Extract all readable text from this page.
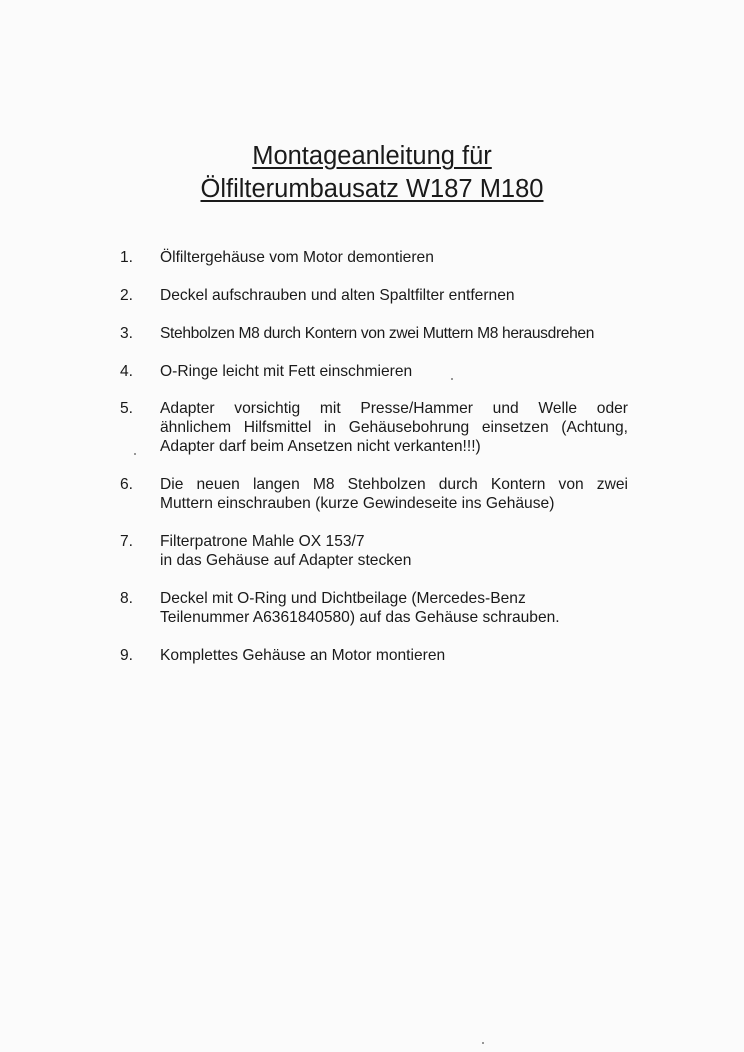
Montageanleitung für
Ölfilterumbausatz W187 M180
1.	Ölfiltergehäuse vom Motor demontieren
2.	Deckel aufschrauben und alten Spaltfilter entfernen
3.	Stehbolzen M8 durch Kontern von zwei Muttern M8 herausdrehen
4.	O-Ringe leicht mit Fett einschmieren
5.	Adapter vorsichtig mit Presse/Hammer und Welle oder
ähnlichem Hilfsmittel in Gehäusebohrung einsetzen (Achtung,
Adapter darf beim Ansetzen nicht verkanten!!!)
6.	Die neuen langen M8 Stehbolzen durch Kontern von zwei
Muttern einschrauben (kurze Gewindeseite ins Gehäuse)
7.	Filterpatrone Mahle OX 153/7
in das Gehäuse auf Adapter stecken
8.	Deckel mit O-Ring und Dichtbeilage (Mercedes-Benz
Teilenummer A6361840580) auf das Gehäuse schrauben.
9.	Komplettes Gehäuse an Motor montieren
